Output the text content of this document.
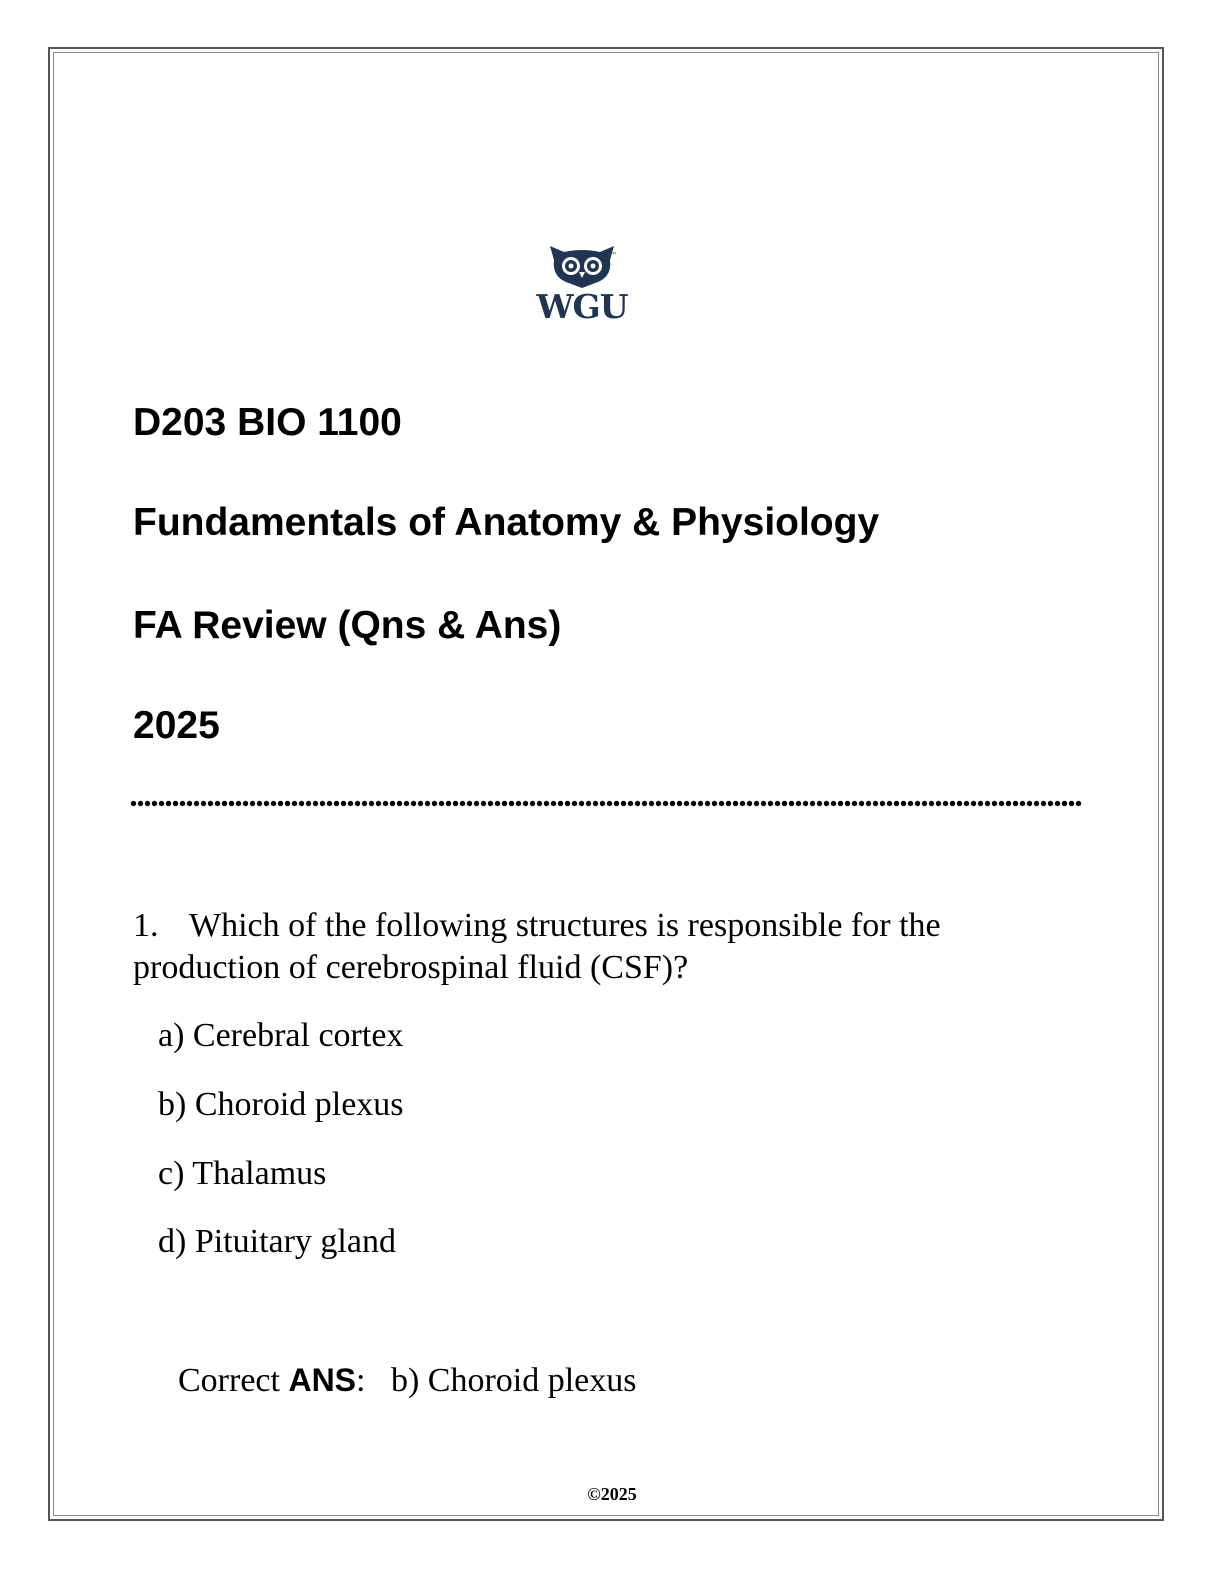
™
WGU
D203 BIO 1100
Fundamentals of Anatomy & Physiology
FA Review (Qns & Ans)
2025
1. Which of the following structures is responsible for the

production of cerebrospinal fluid (CSF)?

a) Cerebral cortex

b) Choroid plexus

c) Thalamus

d) Pituitary gland

Correct ANS: b) Choroid plexus

©2025
